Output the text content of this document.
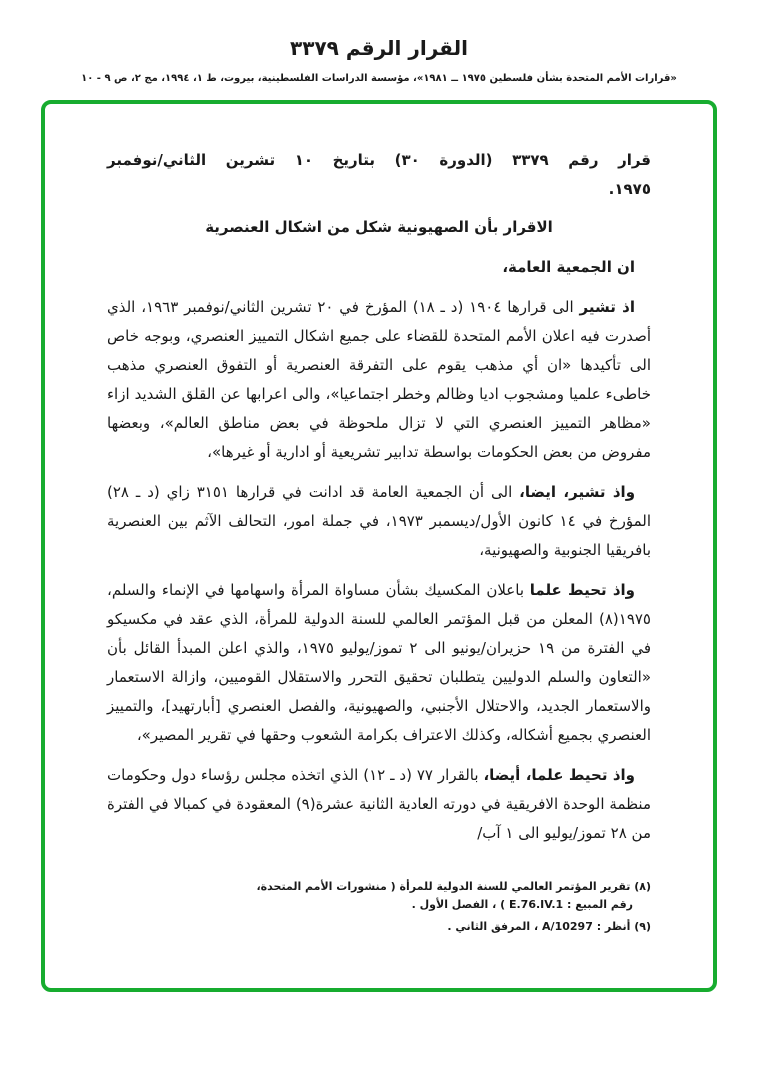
القرار الرقم ٣٣٧٩
«قرارات الأمم المتحدة بشأن فلسطين ١٩٧٥ ــ ١٩٨١»، مؤسسة الدراسات الفلسطينية، بيروت، ط ١، ١٩٩٤، مج ٢، ص ٩ - ١٠

قرار رقم ٣٣٧٩ (الدورة ٣٠) بتاريخ ١٠ تشرين الثاني/نوفمبر
١٩٧٥.

الاقرار بأن الصهيونية شكل من اشكال العنصرية

ان الجمعية العامة،

اذ تشير الى قرارها ١٩٠٤ (د ـ ١٨) المؤرخ في ٢٠ تشرين الثاني/نوفمبر ١٩٦٣، الذي أصدرت فيه اعلان الأمم المتحدة للقضاء على جميع اشكال التمييز العنصري، وبوجه خاص الى تأكيدها «ان أي مذهب يقوم على التفرقة العنصرية أو التفوق العنصري مذهب خاطىء علميا ومشجوب اديا وظالم وخطر اجتماعيا»، والى اعرابها عن القلق الشديد ازاء «مظاهر التمييز العنصري التي لا تزال ملحوظة في بعض مناطق العالم»، وبعضها مفروض من بعض الحكومات بواسطة تدابير تشريعية أو ادارية أو غيرها»،

واذ تشير، ايضا، الى أن الجمعية العامة قد ادانت في قرارها ٣١٥١ زاي (د ـ ٢٨) المؤرخ في ١٤ كانون الأول/ديسمبر ١٩٧٣، في جملة امور، التحالف الآثم بين العنصرية بافريقيا الجنوبية والصهيونية،

واذ تحيط علما باعلان المكسيك بشأن مساواة المرأة واسهامها في الإنماء والسلم، ١٩٧٥(٨) المعلن من قبل المؤتمر العالمي للسنة الدولية للمرأة، الذي عقد في مكسيكو في الفترة من ١٩ حزيران/يونيو الى ٢ تموز/يوليو ١٩٧٥، والذي اعلن المبدأ القائل بأن «التعاون والسلم الدوليين يتطلبان تحقيق التحرر والاستقلال القوميين، وازالة الاستعمار والاستعمار الجديد، والاحتلال الأجنبي، والصهيونية، والفصل العنصري [أبارتهيد]، والتمييز العنصري بجميع أشكاله، وكذلك الاعتراف بكرامة الشعوب وحقها في تقرير المصير»،

واذ تحيط علما، أيضا، بالقرار ٧٧ (د ـ ١٢) الذي اتخذه مجلس رؤساء دول وحكومات منظمة الوحدة الافريقية في دورته العادية الثانية عشرة(٩) المعقودة في كمبالا في الفترة من ٢٨ تموز/يوليو الى ١ آب/

(٨) تقرير المؤتمر العالمي للسنة الدولية للمرأة ( منشورات الأمم المتحدة، رقم المبيع : E.76.IV.1 ) ، الفصل الأول .

(٩) أنظر : A/10297 ، المرفق الثاني .
